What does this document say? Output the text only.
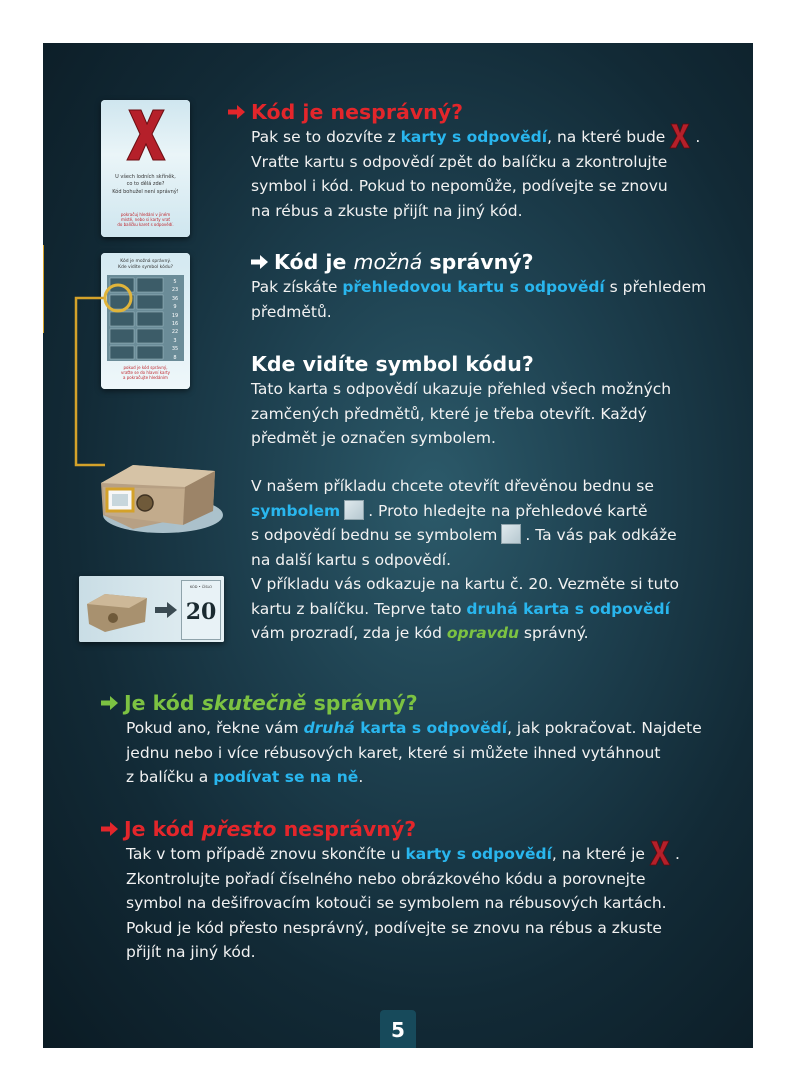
U všech lodních skříněk,
co to dělá zde?
Kód bohužel není správný!
pokračuj hledání v jiném
místě, nebo si karty vrať
do balíčku karet s odpovědí.
Kód je možná správný.
Kde vidíte symbol kódu?
5
23
36
9
19
16
22
3
35
8
pokud je kód správný,
vraťte se do hlavní karty
a pokračujte hledáním
KÓD • ČÍSLO
20
Kód je nesprávný?

Pak se to dozvíte z karty s odpovědí, na které bude .

Vraťte kartu s odpovědí zpět do balíčku a zkontrolujte

symbol i kód. Pokud to nepomůže, podívejte se znovu

na rébus a zkuste přijít na jiný kód.

Kód je možná správný?

Pak získáte přehledovou kartu s odpovědí s přehledem

předmětů.

Kde vidíte symbol kódu?

Tato karta s odpovědí ukazuje přehled všech možných

zamčených předmětů, které je třeba otevřít. Každý

předmět je označen symbolem.

V našem příkladu chcete otevřít dřevěnou bednu se

symbolem . Proto hledejte na přehledové kartě

s odpovědí bednu se symbolem . Ta vás pak odkáže

na další kartu s odpovědí.

V příkladu vás odkazuje na kartu č. 20. Vezměte si tuto

kartu z balíčku. Teprve tato druhá karta s odpovědí

vám prozradí, zda je kód opravdu správný.

Je kód skutečně správný?

Pokud ano, řekne vám druhá karta s odpovědí, jak pokračovat. Najdete

jednu nebo i více rébusových karet, které si můžete ihned vytáhnout

z balíčku a podívat se na ně.

Je kód přesto nesprávný?

Tak v tom případě znovu skončíte u karty s odpovědí, na které je .

Zkontrolujte pořadí číselného nebo obrázkového kódu a porovnejte

symbol na dešifrovacím kotouči se symbolem na rébusových kartách.

Pokud je kód přesto nesprávný, podívejte se znovu na rébus a zkuste

přijít na jiný kód.

5
